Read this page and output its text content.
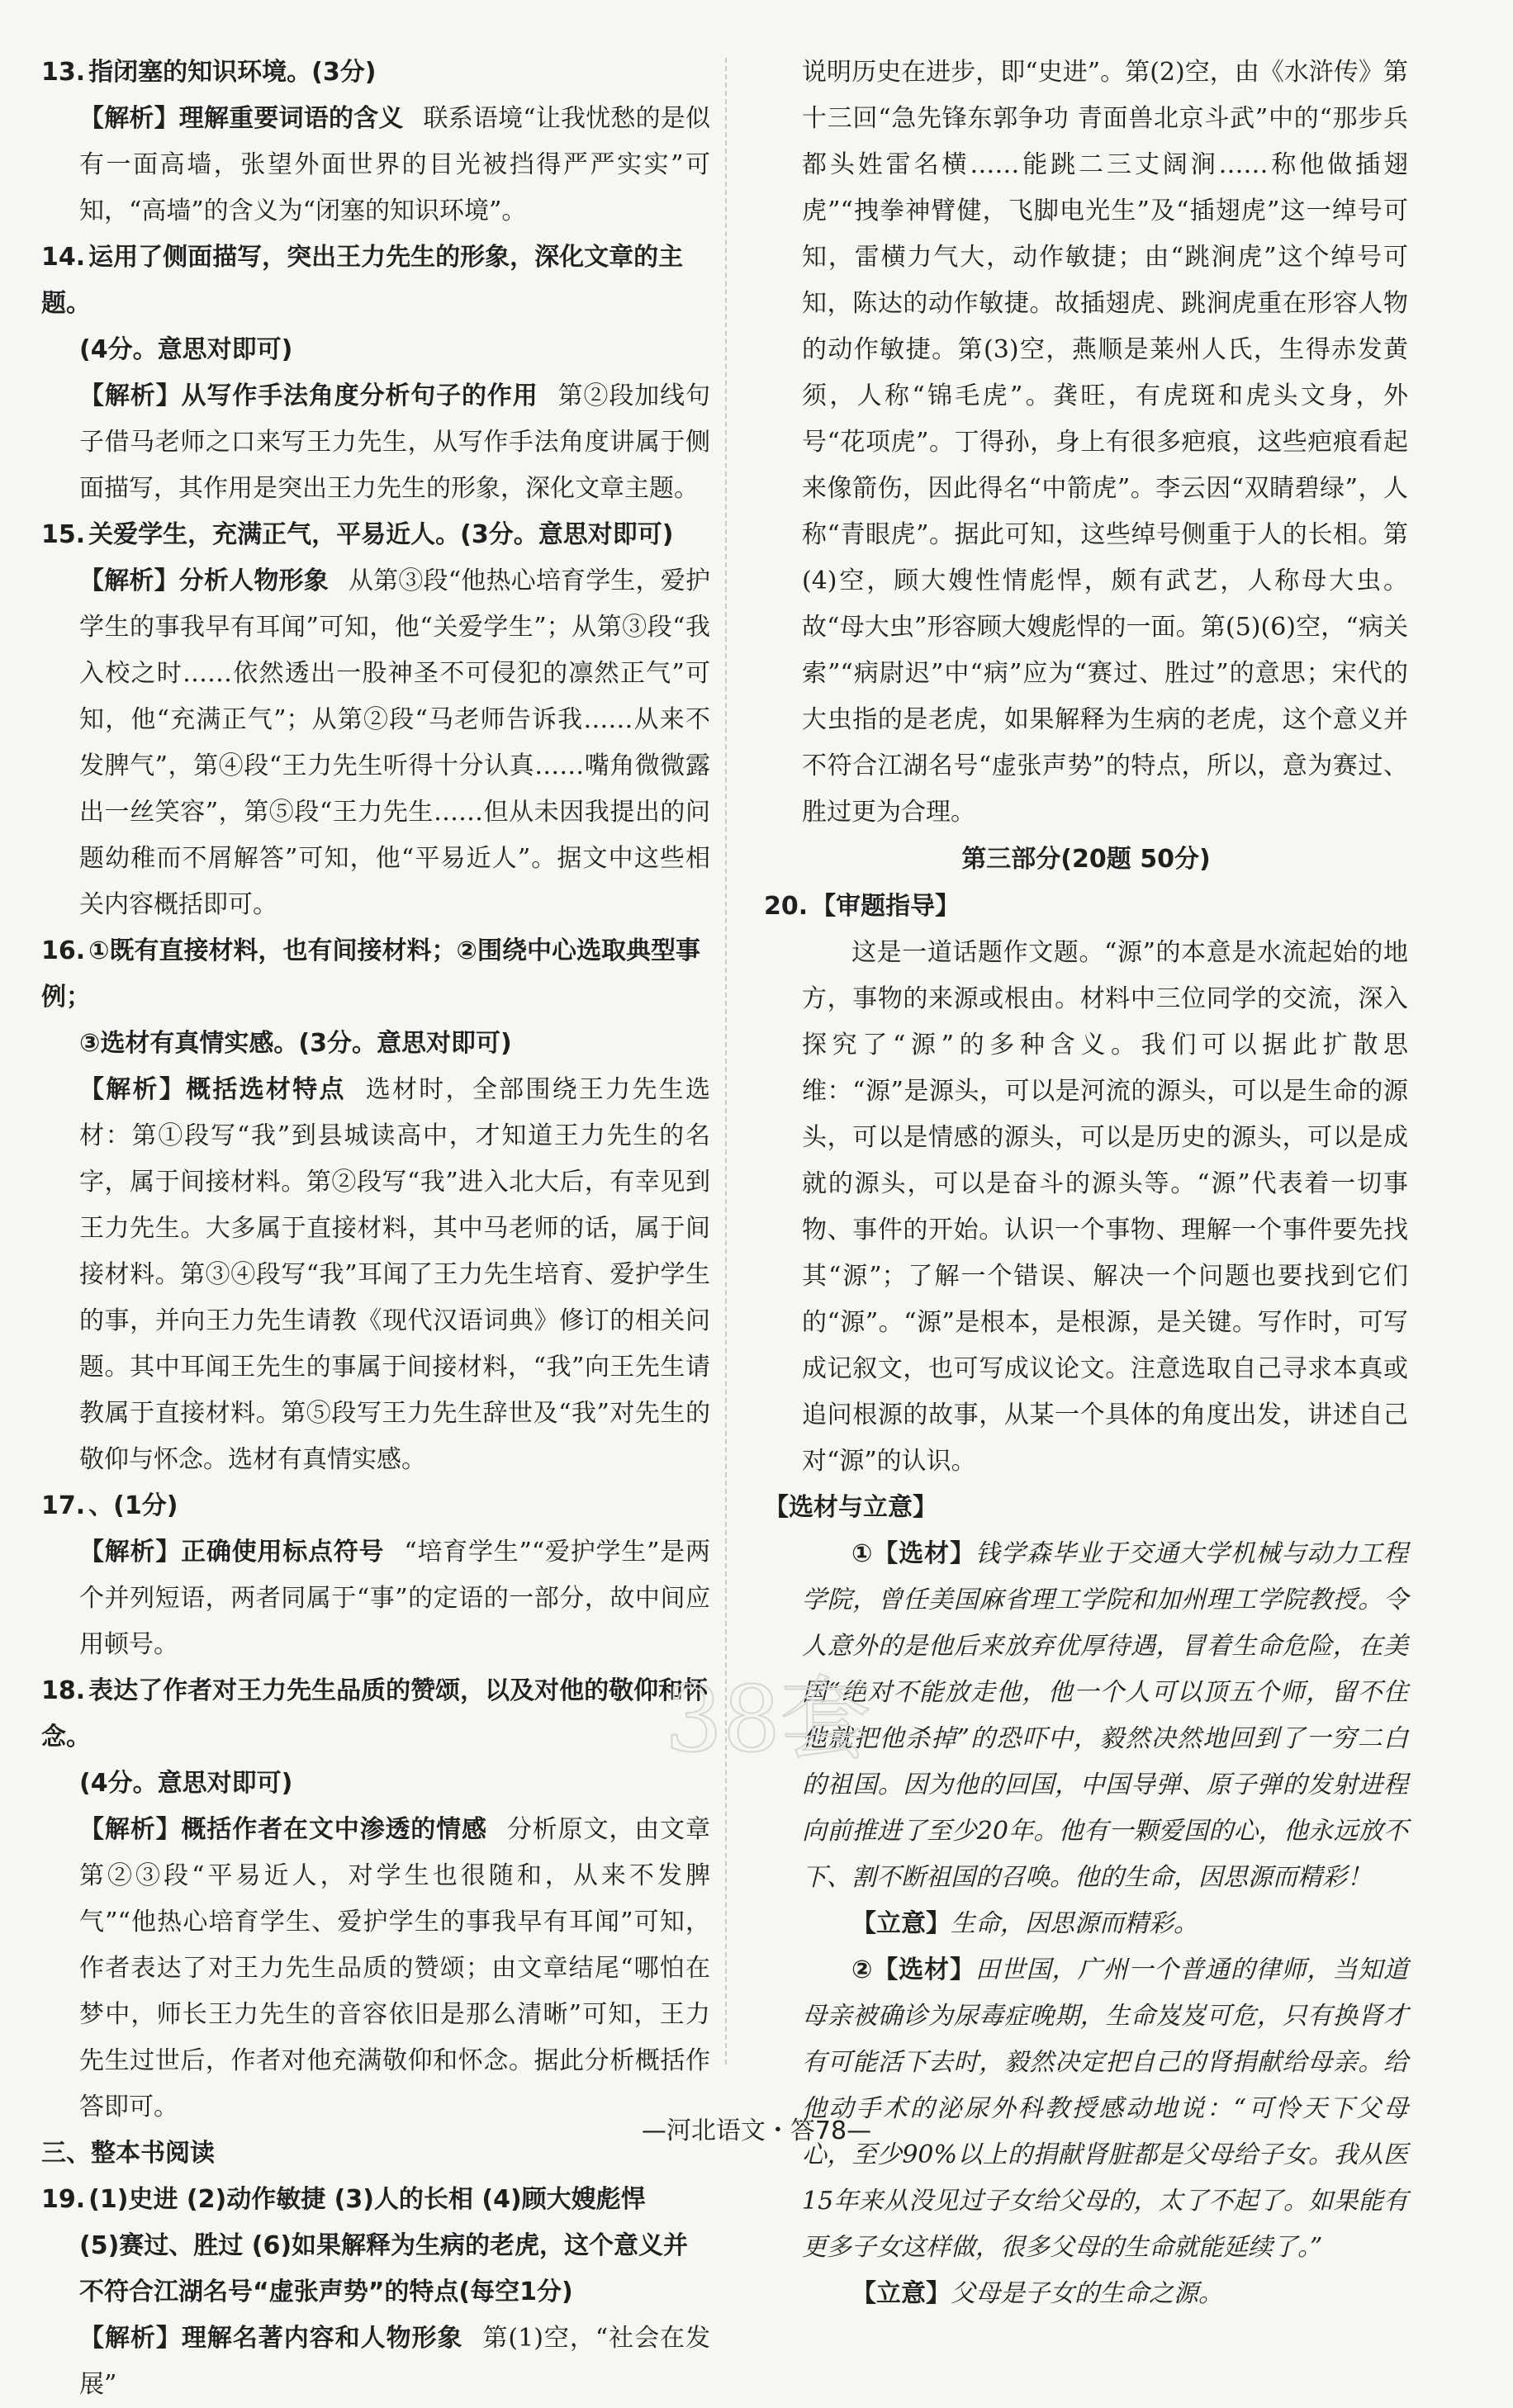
13. 指闭塞的知识环境。(3分)
【解析】理解重要词语的含义 联系语境“让我忧愁的是似有一面高墙，张望外面世界的目光被挡得严严实实”可知，“高墙”的含义为“闭塞的知识环境”。
14. 运用了侧面描写，突出王力先生的形象，深化文章的主题。
(4分。意思对即可)
【解析】从写作手法角度分析句子的作用 第②段加线句子借马老师之口来写王力先生，从写作手法角度讲属于侧面描写，其作用是突出王力先生的形象，深化文章主题。
15. 关爱学生，充满正气，平易近人。(3分。意思对即可)
【解析】分析人物形象 从第③段“他热心培育学生，爱护学生的事我早有耳闻”可知，他“关爱学生”；从第③段“我入校之时……依然透出一股神圣不可侵犯的凛然正气”可知，他“充满正气”；从第②段“马老师告诉我……从来不发脾气”，第④段“王力先生听得十分认真……嘴角微微露出一丝笑容”，第⑤段“王力先生……但从未因我提出的问题幼稚而不屑解答”可知，他“平易近人”。据文中这些相关内容概括即可。
16. ①既有直接材料，也有间接材料；②围绕中心选取典型事例；
③选材有真情实感。(3分。意思对即可)
【解析】概括选材特点 选材时，全部围绕王力先生选材：第①段写“我”到县城读高中，才知道王力先生的名字，属于间接材料。第②段写“我”进入北大后，有幸见到王力先生。大多属于直接材料，其中马老师的话，属于间接材料。第③④段写“我”耳闻了王力先生培育、爱护学生的事，并向王力先生请教《现代汉语词典》修订的相关问题。其中耳闻王先生的事属于间接材料，“我”向王先生请教属于直接材料。第⑤段写王力先生辞世及“我”对先生的敬仰与怀念。选材有真情实感。
17. 、(1分)
【解析】正确使用标点符号 “培育学生”“爱护学生”是两个并列短语，两者同属于“事”的定语的一部分，故中间应用顿号。
18. 表达了作者对王力先生品质的赞颂，以及对他的敬仰和怀念。
(4分。意思对即可)
【解析】概括作者在文中渗透的情感 分析原文，由文章第②③段“平易近人，对学生也很随和，从来不发脾气”“他热心培育学生、爱护学生的事我早有耳闻”可知，作者表达了对王力先生品质的赞颂；由文章结尾“哪怕在梦中，师长王力先生的音容依旧是那么清晰”可知，王力先生过世后，作者对他充满敬仰和怀念。据此分析概括作答即可。
三、整本书阅读
19. (1)史进 (2)动作敏捷 (3)人的长相 (4)顾大嫂彪悍
(5)赛过、胜过 (6)如果解释为生病的老虎，这个意义并不符合江湖名号“虚张声势”的特点(每空1分)
【解析】理解名著内容和人物形象 第(1)空，“社会在发展”
说明历史在进步，即“史进”。第(2)空，由《水浒传》第十三回“急先锋东郭争功 青面兽北京斗武”中的“那步兵都头姓雷名横……能跳二三丈阔涧……称他做插翅虎”“拽拳神臂健，飞脚电光生”及“插翅虎”这一绰号可知，雷横力气大，动作敏捷；由“跳涧虎”这个绰号可知，陈达的动作敏捷。故插翅虎、跳涧虎重在形容人物的动作敏捷。第(3)空，燕顺是莱州人氏，生得赤发黄须，人称“锦毛虎”。龚旺，有虎斑和虎头文身，外号“花项虎”。丁得孙，身上有很多疤痕，这些疤痕看起来像箭伤，因此得名“中箭虎”。李云因“双睛碧绿”，人称“青眼虎”。据此可知，这些绰号侧重于人的长相。第(4)空，顾大嫂性情彪悍，颇有武艺，人称母大虫。故“母大虫”形容顾大嫂彪悍的一面。第(5)(6)空，“病关索”“病尉迟”中“病”应为“赛过、胜过”的意思；宋代的大虫指的是老虎，如果解释为生病的老虎，这个意义并不符合江湖名号“虚张声势”的特点，所以，意为赛过、胜过更为合理。
第三部分(20题 50分)
20. 【审题指导】
这是一道话题作文题。“源”的本意是水流起始的地方，事物的来源或根由。材料中三位同学的交流，深入探究了“源”的多种含义。我们可以据此扩散思维：“源”是源头，可以是河流的源头，可以是生命的源头，可以是情感的源头，可以是历史的源头，可以是成就的源头，可以是奋斗的源头等。“源”代表着一切事物、事件的开始。认识一个事物、理解一个事件要先找其“源”；了解一个错误、解决一个问题也要找到它们的“源”。“源”是根本，是根源，是关键。写作时，可写成记叙文，也可写成议论文。注意选取自己寻求本真或追问根源的故事，从某一个具体的角度出发，讲述自己对“源”的认识。
【选材与立意】
①【选材】钱学森毕业于交通大学机械与动力工程学院，曾任美国麻省理工学院和加州理工学院教授。令人意外的是他后来放弃优厚待遇，冒着生命危险，在美国“绝对不能放走他，他一个人可以顶五个师，留不住他就把他杀掉”的恐吓中，毅然决然地回到了一穷二白的祖国。因为他的回国，中国导弹、原子弹的发射进程向前推进了至少20年。他有一颗爱国的心，他永远放不下、割不断祖国的召唤。他的生命，因思源而精彩！
【立意】生命，因思源而精彩。
②【选材】田世国，广州一个普通的律师，当知道母亲被确诊为尿毒症晚期，生命岌岌可危，只有换肾才有可能活下去时，毅然决定把自己的肾捐献给母亲。给他动手术的泌尿外科教授感动地说：“可怜天下父母心，至少90%以上的捐献肾脏都是父母给子女。我从医15年来从没见过子女给父母的，太了不起了。如果能有更多子女这样做，很多父母的生命就能延续了。”
【立意】父母是子女的生命之源。
38套
—河北语文・答78—
